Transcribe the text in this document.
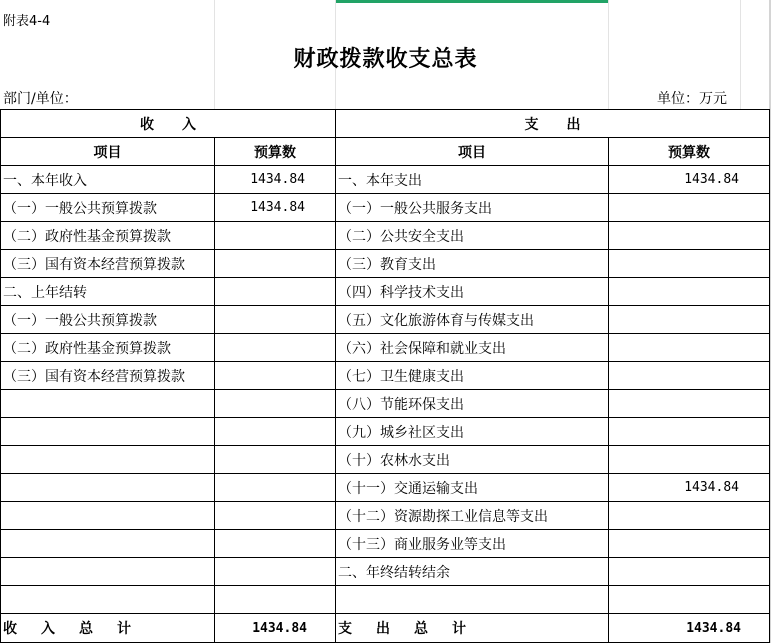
附表4-4
财政拨款收支总表
部门/单位：	单位：万元
收　　入		支　　出	
项目	预算数	项目	预算数
一、本年收入	1434.84	一、本年支出	1434.84
（一）一般公共预算拨款	1434.84	（一）一般公共服务支出	
（二）政府性基金预算拨款		（二）公共安全支出	
（三）国有资本经营预算拨款		（三）教育支出	
二、上年结转		（四）科学技术支出	
（一）一般公共预算拨款		（五）文化旅游体育与传媒支出	
（二）政府性基金预算拨款		（六）社会保障和就业支出	
（三）国有资本经营预算拨款		（七）卫生健康支出	
		（八）节能环保支出	
		（九）城乡社区支出	
		（十）农林水支出	
		（十一）交通运输支出	1434.84
		（十二）资源勘探工业信息等支出	
		（十三）商业服务业等支出	
		二、年终结转结余	

收入总计	1434.84	支出总计	1434.84
